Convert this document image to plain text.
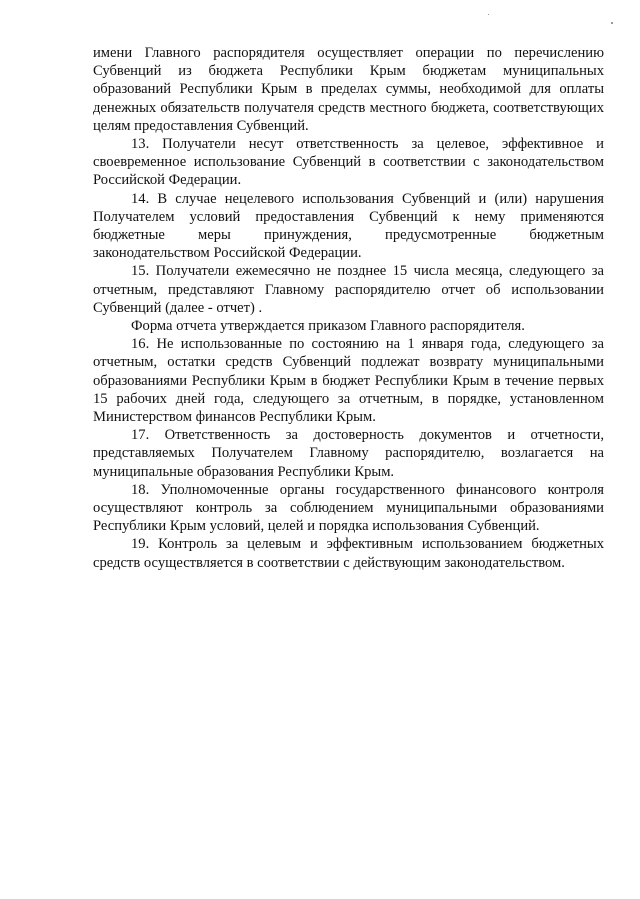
имени Главного распорядителя осуществляет операции по перечислению Субвенций из бюджета Республики Крым бюджетам муниципальных образований Республики Крым в пределах суммы, необходимой для оплаты денежных обязательств получателя средств местного бюджета, соответствующих целям предоставления Субвенций.

13. Получатели несут ответственность за целевое, эффективное и своевременное использование Субвенций в соответствии с законодательством Российской Федерации.

14. В случае нецелевого использования Субвенций и (или) нарушения Получателем условий предоставления Субвенций к нему применяются бюджетные меры принуждения, предусмотренные бюджетным законодательством Российской Федерации.

15. Получатели ежемесячно не позднее 15 числа месяца, следующего за отчетным, представляют Главному распорядителю отчет об использовании Субвенций (далее - отчет) .

Форма отчета утверждается приказом Главного распорядителя.

16. Не использованные по состоянию на 1 января года, следующего за отчетным, остатки средств Субвенций подлежат возврату муниципальными образованиями Республики Крым в бюджет Республики Крым в течение первых 15 рабочих дней года, следующего за отчетным, в порядке, установленном Министерством финансов Республики Крым.

17. Ответственность за достоверность документов и отчетности, представляемых Получателем Главному распорядителю, возлагается на муниципальные образования Республики Крым.

18. Уполномоченные органы государственного финансового контроля осуществляют контроль за соблюдением муниципальными образованиями Республики Крым условий, целей и порядка использования Субвенций.

19. Контроль за целевым и эффективным использованием бюджетных средств осуществляется в соответствии с действующим законодательством.
